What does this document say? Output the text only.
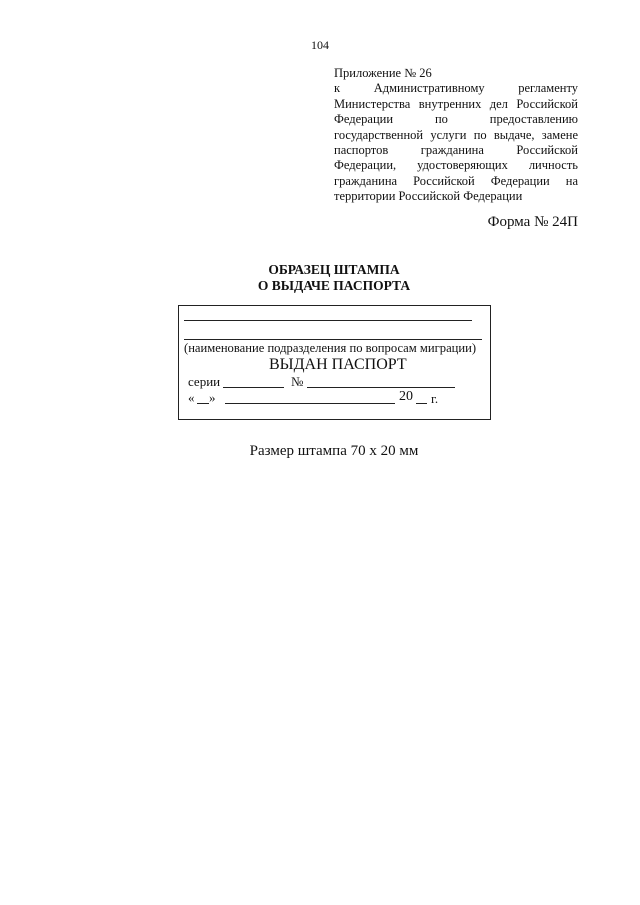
104
Приложение № 26
к Административному регламенту
Министерства внутренних дел Российской
Федерации по предоставлению
государственной услуги по выдаче, замене
паспортов гражданина Российской
Федерации, удостоверяющих личность
гражданина Российской Федерации на
территории Российской Федерации
Форма № 24П
ОБРАЗЕЦ ШТАМПА
О ВЫДАЧЕ ПАСПОРТА
(наименование подразделения по вопросам миграции)
ВЫДАН ПАСПОРТ
серии	№
« »	20 г.
Размер штампа 70 х 20 мм
